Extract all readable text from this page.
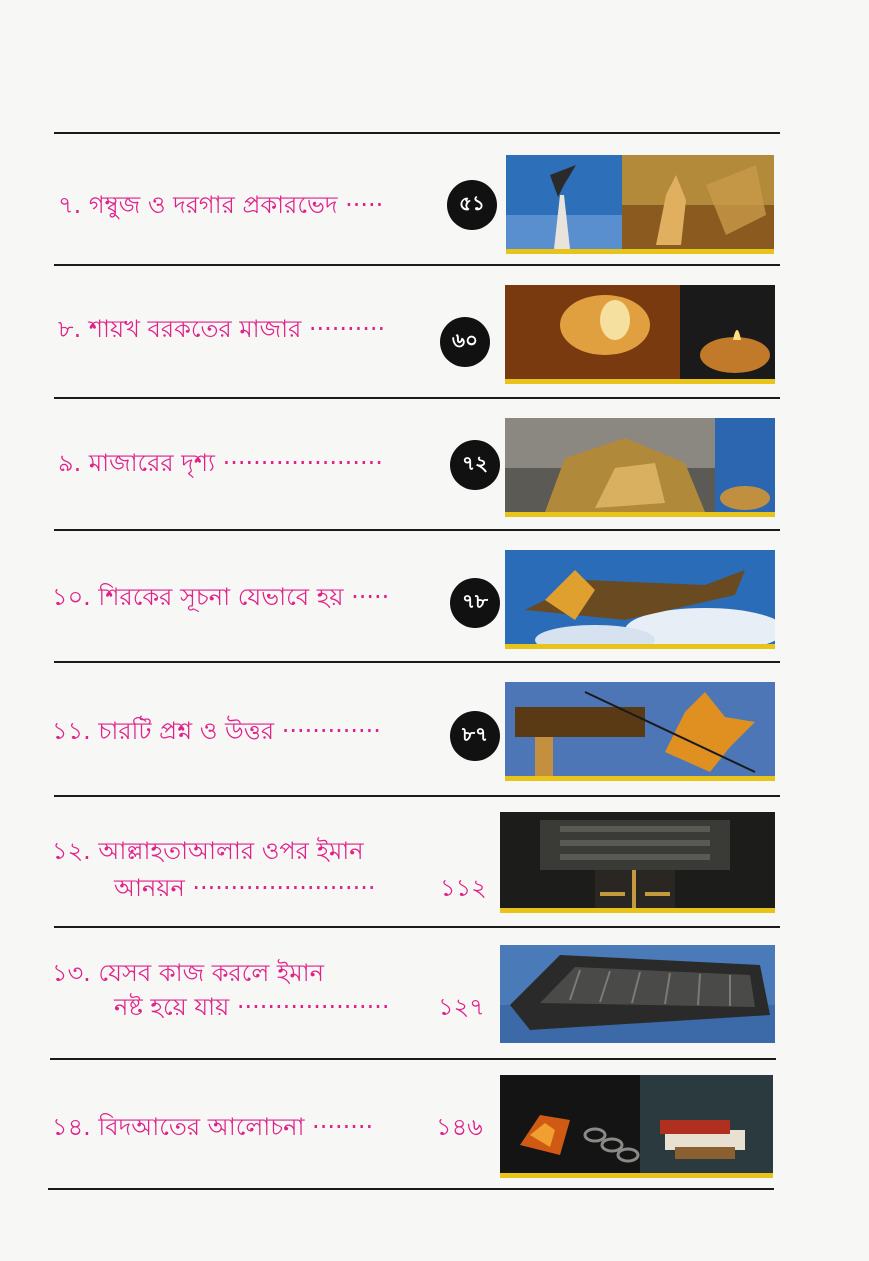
৭. গম্বুজ ও দরগার প্রকারভেদ ·····	৫১
৮. শায়খ বরকতের মাজার ··········	৬০
৯. মাজারের দৃশ্য ·····················	৭২
১০. শিরকের সূচনা যেভাবে হয় ·····	৭৮
১১. চারটি প্রশ্ন ও উত্তর ·············	৮৭
১২. আল্লাহতাআলার ওপর ইমান
আনয়ন ························	১১২
১৩. যেসব কাজ করলে ইমান
নষ্ট হয়ে যায় ···················· ১২৭
১৪. বিদআতের আলোচনা ········	১৪৬
